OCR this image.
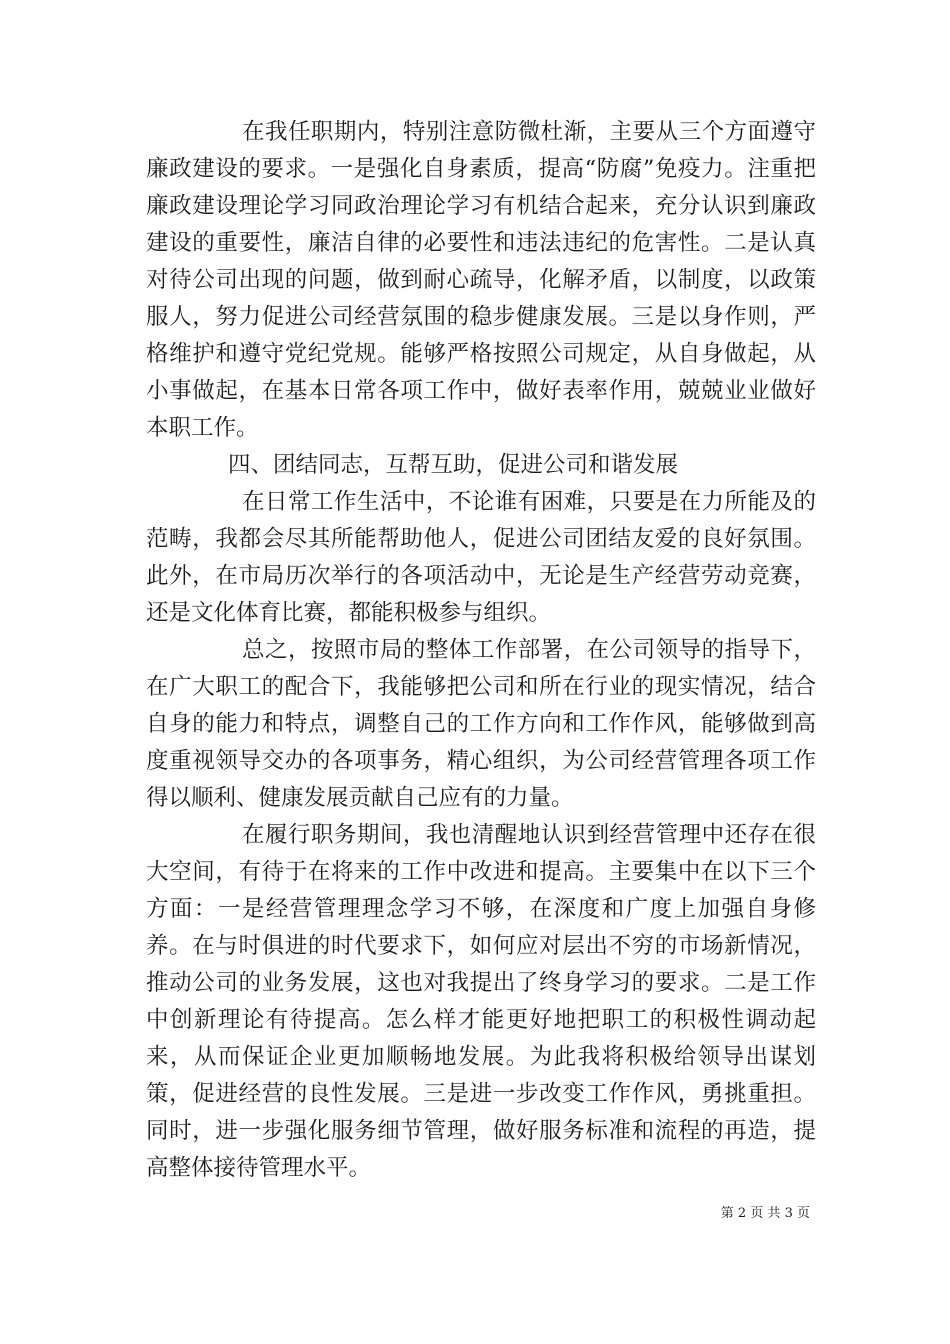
在我任职期内，特别注意防微杜渐，主要从三个方面遵守廉政建设的要求。一是强化自身素质，提高“防腐”免疫力。注重把廉政建设理论学习同政治理论学习有机结合起来，充分认识到廉政建设的重要性，廉洁自律的必要性和违法违纪的危害性。二是认真对待公司出现的问题，做到耐心疏导，化解矛盾，以制度，以政策服人，努力促进公司经营氛围的稳步健康发展。三是以身作则，严格维护和遵守党纪党规。能够严格按照公司规定，从自身做起，从小事做起，在基本日常各项工作中，做好表率作用，兢兢业业做好本职工作。

四、团结同志，互帮互助，促进公司和谐发展

在日常工作生活中，不论谁有困难，只要是在力所能及的范畴，我都会尽其所能帮助他人，促进公司团结友爱的良好氛围。此外，在市局历次举行的各项活动中，无论是生产经营劳动竞赛，还是文化体育比赛，都能积极参与组织。

总之，按照市局的整体工作部署，在公司领导的指导下，在广大职工的配合下，我能够把公司和所在行业的现实情况，结合自身的能力和特点，调整自己的工作方向和工作作风，能够做到高度重视领导交办的各项事务，精心组织，为公司经营管理各项工作得以顺利、健康发展贡献自己应有的力量。

在履行职务期间，我也清醒地认识到经营管理中还存在很大空间，有待于在将来的工作中改进和提高。主要集中在以下三个方面：一是经营管理理念学习不够，在深度和广度上加强自身修养。在与时俱进的时代要求下，如何应对层出不穷的市场新情况，推动公司的业务发展，这也对我提出了终身学习的要求。二是工作中创新理论有待提高。怎么样才能更好地把职工的积极性调动起来，从而保证企业更加顺畅地发展。为此我将积极给领导出谋划策，促进经营的良性发展。三是进一步改变工作作风，勇挑重担。同时，进一步强化服务细节管理，做好服务标准和流程的再造，提高整体接待管理水平。

第 2 页 共 3 页
